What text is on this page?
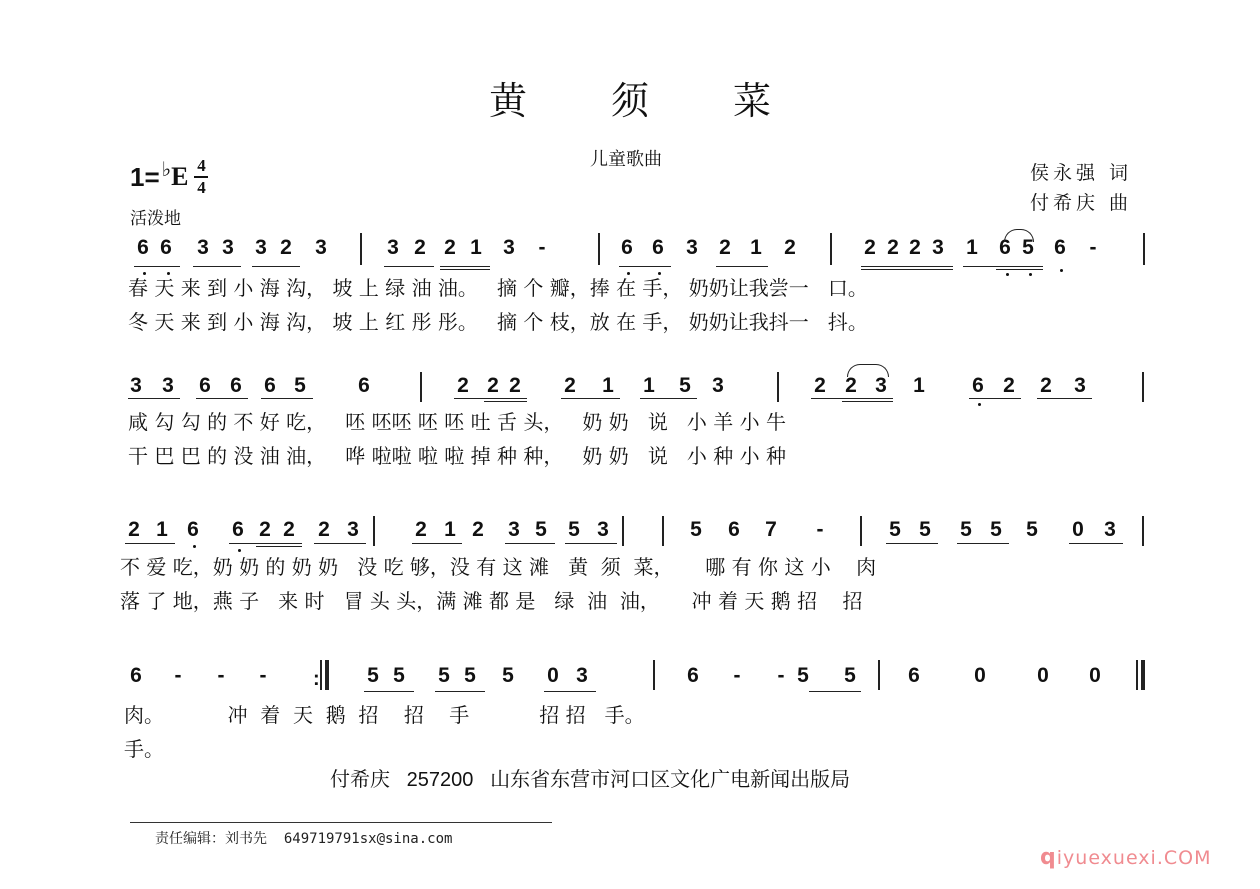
黄 须 菜
儿童歌曲
侯永强 词
付希庆 曲
1= ♭ E $\frac{4}{4}$
活泼地
6 6 3 3 3 2 3	3 2 2 1 3	-	6 6 3 2 1 2	2 2 2 3 1 6 5 6	-
春 天 来 到 小 海 沟， 坡 上 绿 油 油。   摘 个 瓣，捧 在 手， 奶奶让我尝一   口。
冬 天 来 到 小 海 沟， 坡 上 红 彤 彤。   摘 个 枝，放 在 手， 奶奶让我抖一   抖。
3 3 6 6 6 5 6	2 2 2 2 1 1 5 3	2 2 3 1 6 2 2 3
咸 勾 勾 的 不 好 吃，   呸 呸呸 呸 呸 吐 舌 头，   奶 奶   说   小 羊 小 牛
干 巴 巴 的 没 油 油，   哗 啦啦 啦 啦 掉 种 种，   奶 奶   说   小 种 小 种
2 1 6 6 2 2 2 3	2 1 2 3 5 5 3	5 6 7	-	5 5 5 5 5 0 3
不 爱 吃，奶 奶 的 奶 奶   没 吃 够，没 有 这 滩   黄  须  菜，     哪 有 你 这 小    肉
落 了 地，燕 子   来 时   冒 头 头，满 滩 都 是   绿  油  油，     冲 着 天 鹅 招    招
6	-	-	-	5 5 5 5 5 0 3	6	-	- 5 5 6	0 0 0
肉。          冲  着  天  鹅  招    招    手           招 招   手。
手。
:
付希庆   257200   山东省东营市河口区文化广电新闻出版局
责任编辑：刘书先  649719791sx@sina.com
qiyuexuexi.COM
